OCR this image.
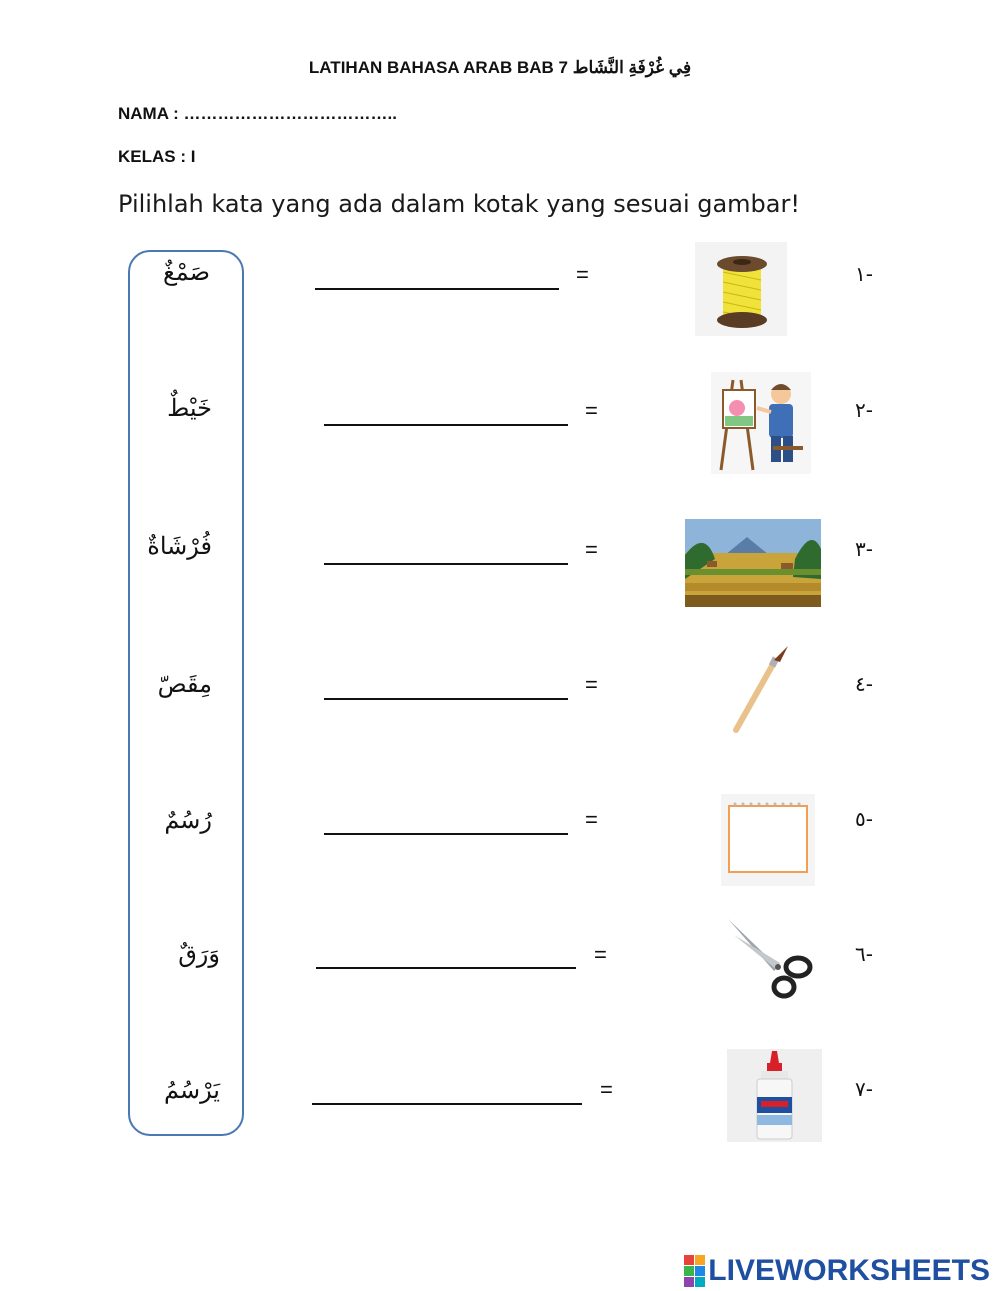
LATIHAN BAHASA ARAB BAB 7 فِي غُرْفَةِ النَّشَاط
NAMA : ………………………………..
KELAS : I
Pilihlah kata yang ada dalam kotak yang sesuai gambar!
صَمْغٌ
خَيْطٌ
فُرْشَاةٌ
مِقَصّ
رُسُمٌ
وَرَقٌ
يَرْسُمُ
=
=
=
=
=
=
=
-١
-٢
-٣
-٤
-٥
-٦
-٧
LIVEWORKSHEETS
